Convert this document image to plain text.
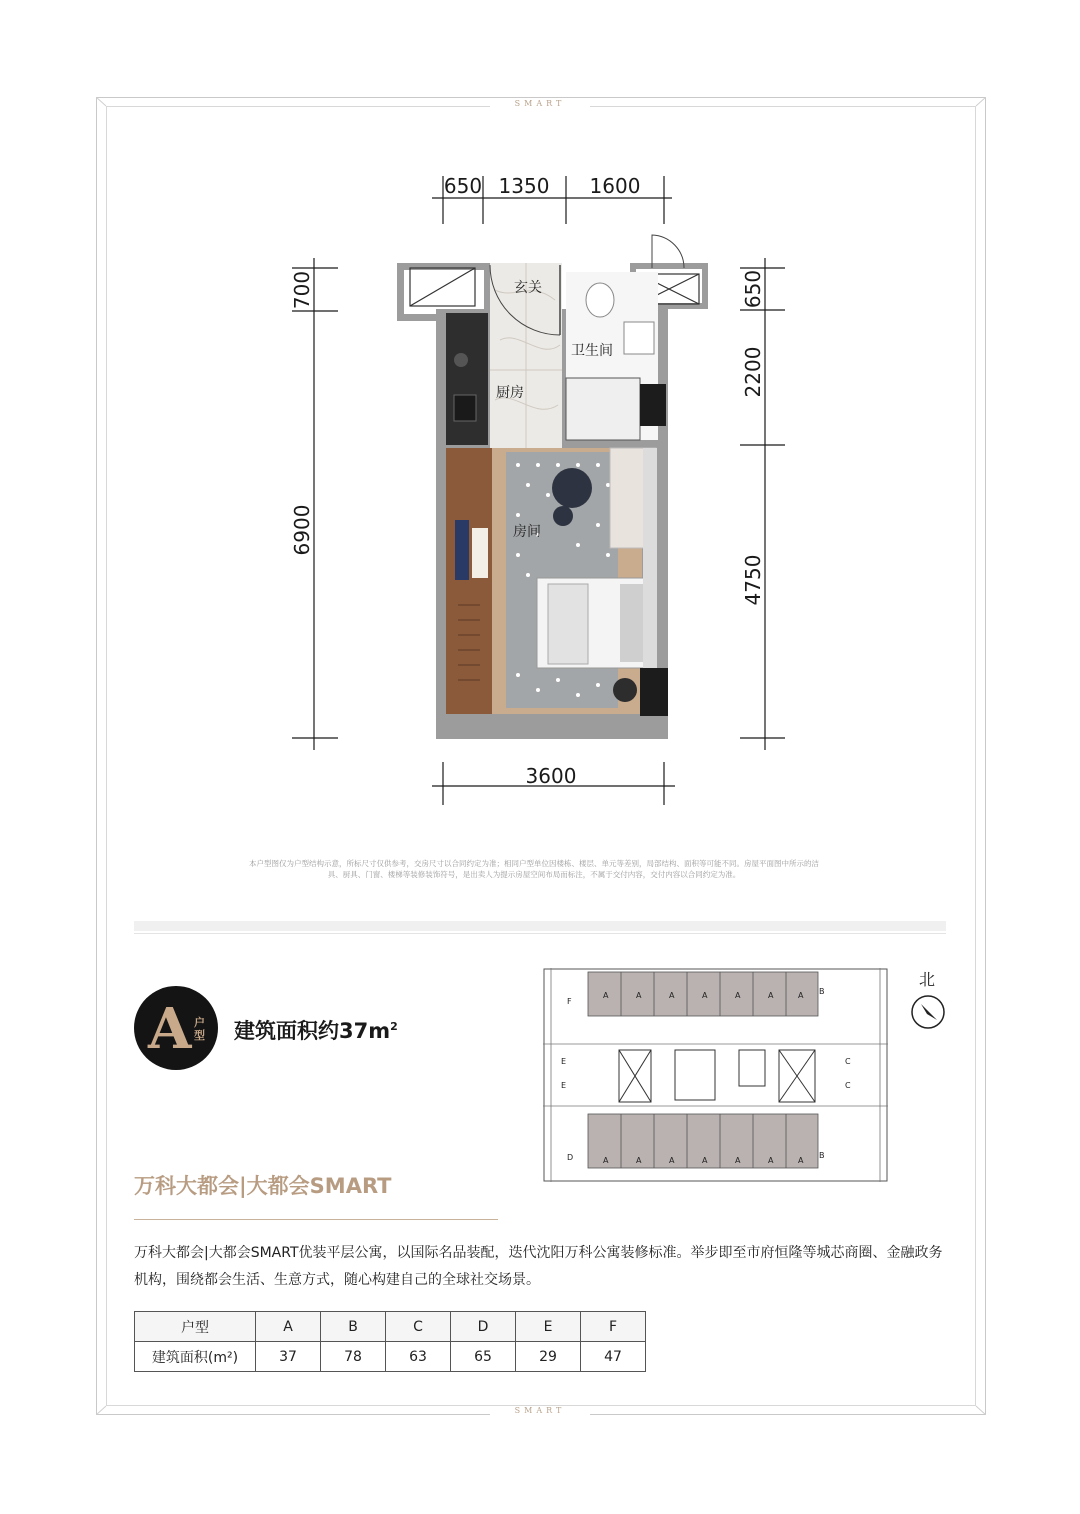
SMART
SMART
650 1350 1600
700
6900
650
2200
4750
3600
玄关
卫生间
厨房
房间
本户型图仅为户型结构示意，所标尺寸仅供参考，交房尺寸以合同约定为准；相同户型单位因楼栋、楼层、单元等差别，局部结构、面积等可能不同。房屋平面图中所示的洁具、厨具、门窗、楼梯等装修装饰符号，是出卖人为提示房屋空间布局而标注，不属于交付内容，交付内容以合同约定为准。
A 户型 建筑面积约$37m^2$
A	A	A	A	A	A	A B
F
C
C
E
E
D	A	A	A	A	A	A	A
B
北
万科大都会|大都会SMART
万科大都会|大都会SMART优装平层公寓，以国际名品装配，迭代沈阳万科公寓装修标准。举步即至市府恒隆等城芯商圈、金融政务机构，围绕都会生活、生意方式，随心构建自己的全球社交场景。
户型	A	B	C	D	E	F
建筑面积(m²)	37	78	63	65	29	47
